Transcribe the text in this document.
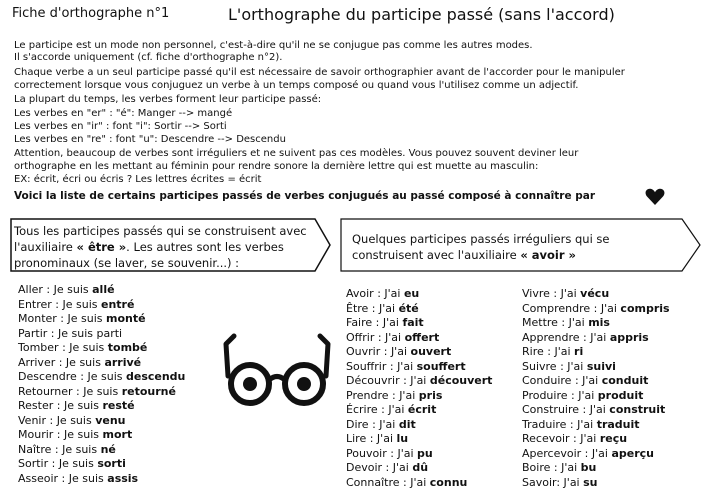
Fiche d'orthographe n°1	L'orthographe du participe passé (sans l'accord)
Le participe est un mode non personnel, c'est-à-dire qu'il ne se conjugue pas comme les autres modes.
Il s'accorde uniquement (cf. fiche d'orthographe n°2).
Chaque verbe a un seul participe passé qu'il est nécessaire de savoir orthographier avant de l'accorder pour le manipuler
correctement lorsque vous conjuguez un verbe à un temps composé ou quand vous l'utilisez comme un adjectif.
La plupart du temps, les verbes forment leur participe passé:
Les verbes en "er" : "é": Manger --> mangé
Les verbes en "ir" : font "i": Sortir --> Sorti
Les verbes en "re" : font "u": Descendre --> Descendu
Attention, beaucoup de verbes sont irréguliers et ne suivent pas ces modèles. Vous pouvez souvent deviner leur
orthographe en les mettant au féminin pour rendre sonore la dernière lettre qui est muette au masculin:
EX: écrit, écri ou écris ? Les lettres écrites = écrit
Voici la liste de certains participes passés de verbes conjugués au passé composé à connaître par
Tous les participes passés qui se construisent avec l'auxiliaire « être ». Les autres sont les verbes pronominaux (se laver, se souvenir...) :
Quelques participes passés irréguliers qui se construisent avec l'auxiliaire « avoir »
Aller : Je suis allé
Entrer : Je suis entré
Monter : Je suis monté
Partir : Je suis parti
Tomber : Je suis tombé
Arriver : Je suis arrivé
Descendre : Je suis descendu
Retourner : Je suis retourné
Rester : Je suis resté
Venir : Je suis venu
Mourir : Je suis mort
Naître : Je suis né
Sortir : Je suis sorti
Asseoir : Je suis assis
Avoir : J'ai eu
Être : J'ai été
Faire : J'ai fait
Offrir : J'ai offert
Ouvrir : J'ai ouvert
Souffrir : J'ai souffert
Découvrir : J'ai découvert
Prendre : J'ai pris
Écrire : J'ai écrit
Dire : J'ai dit
Lire : J'ai lu
Pouvoir : J'ai pu
Devoir : J'ai dû
Connaître : J'ai connu
Vivre : J'ai vécu
Comprendre : J'ai compris
Mettre : J'ai mis
Apprendre : J'ai appris
Rire : J'ai ri
Suivre : J'ai suivi
Conduire : J'ai conduit
Produire : J'ai produit
Construire : J'ai construit
Traduire : J'ai traduit
Recevoir : J'ai reçu
Apercevoir : J'ai aperçu
Boire : J'ai bu
Savoir: J'ai su
